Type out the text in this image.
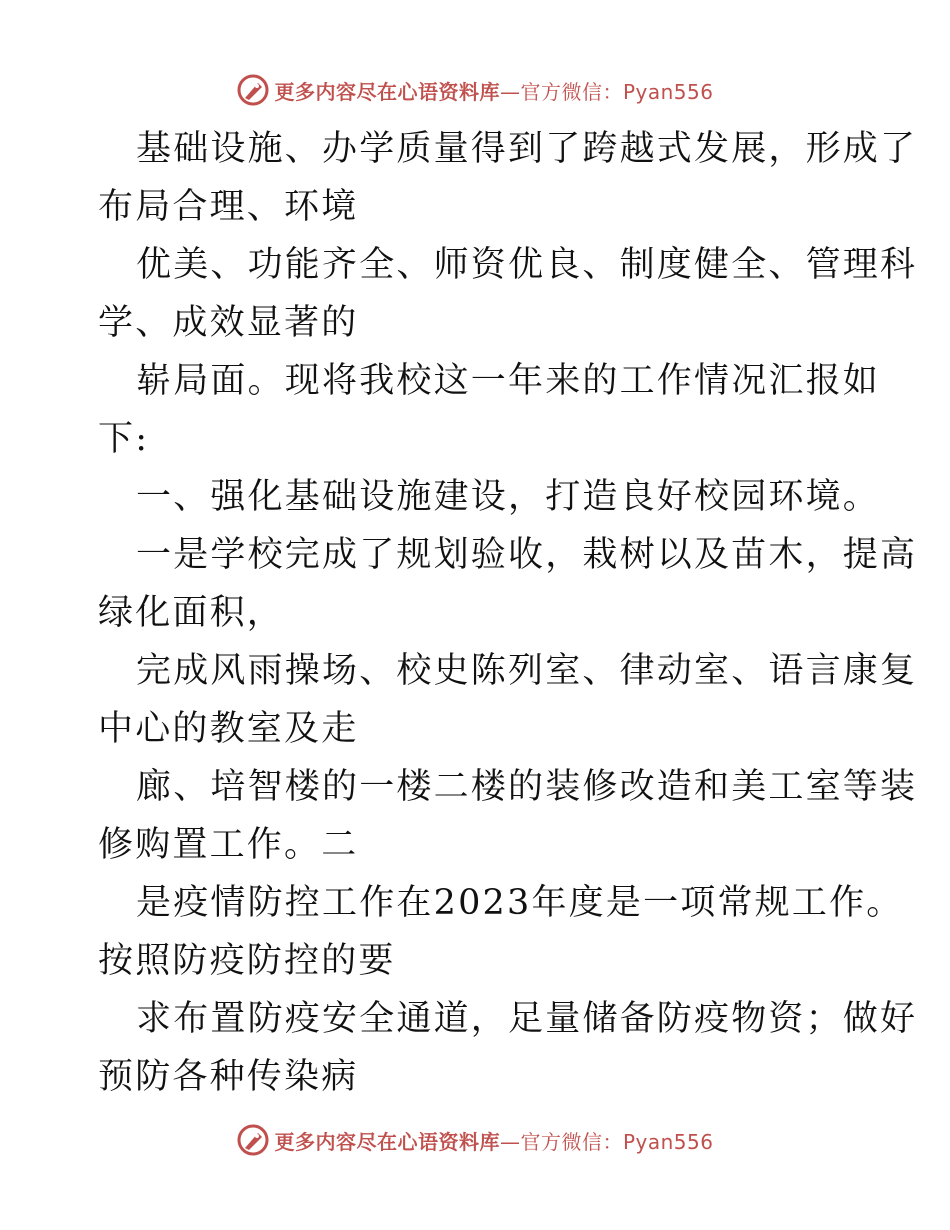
更多内容尽在心语资料库—官方微信：Pyan556
基础设施、办学质量得到了跨越式发展，形成了
布局合理、环境
优美、功能齐全、师资优良、制度健全、管理科
学、成效显著的
崭局面。现将我校这一年来的工作情况汇报如
下:
一、强化基础设施建设，打造良好校园环境。
一是学校完成了规划验收，栽树以及苗木，提高
绿化面积，
完成风雨操场、校史陈列室、律动室、语言康复
中心的教室及走
廊、培智楼的一楼二楼的装修改造和美工室等装
修购置工作。二
是疫情防控工作在2023年度是一项常规工作。
按照防疫防控的要
求布置防疫安全通道，足量储备防疫物资；做好
预防各种传染病
更多内容尽在心语资料库—官方微信：Pyan556
